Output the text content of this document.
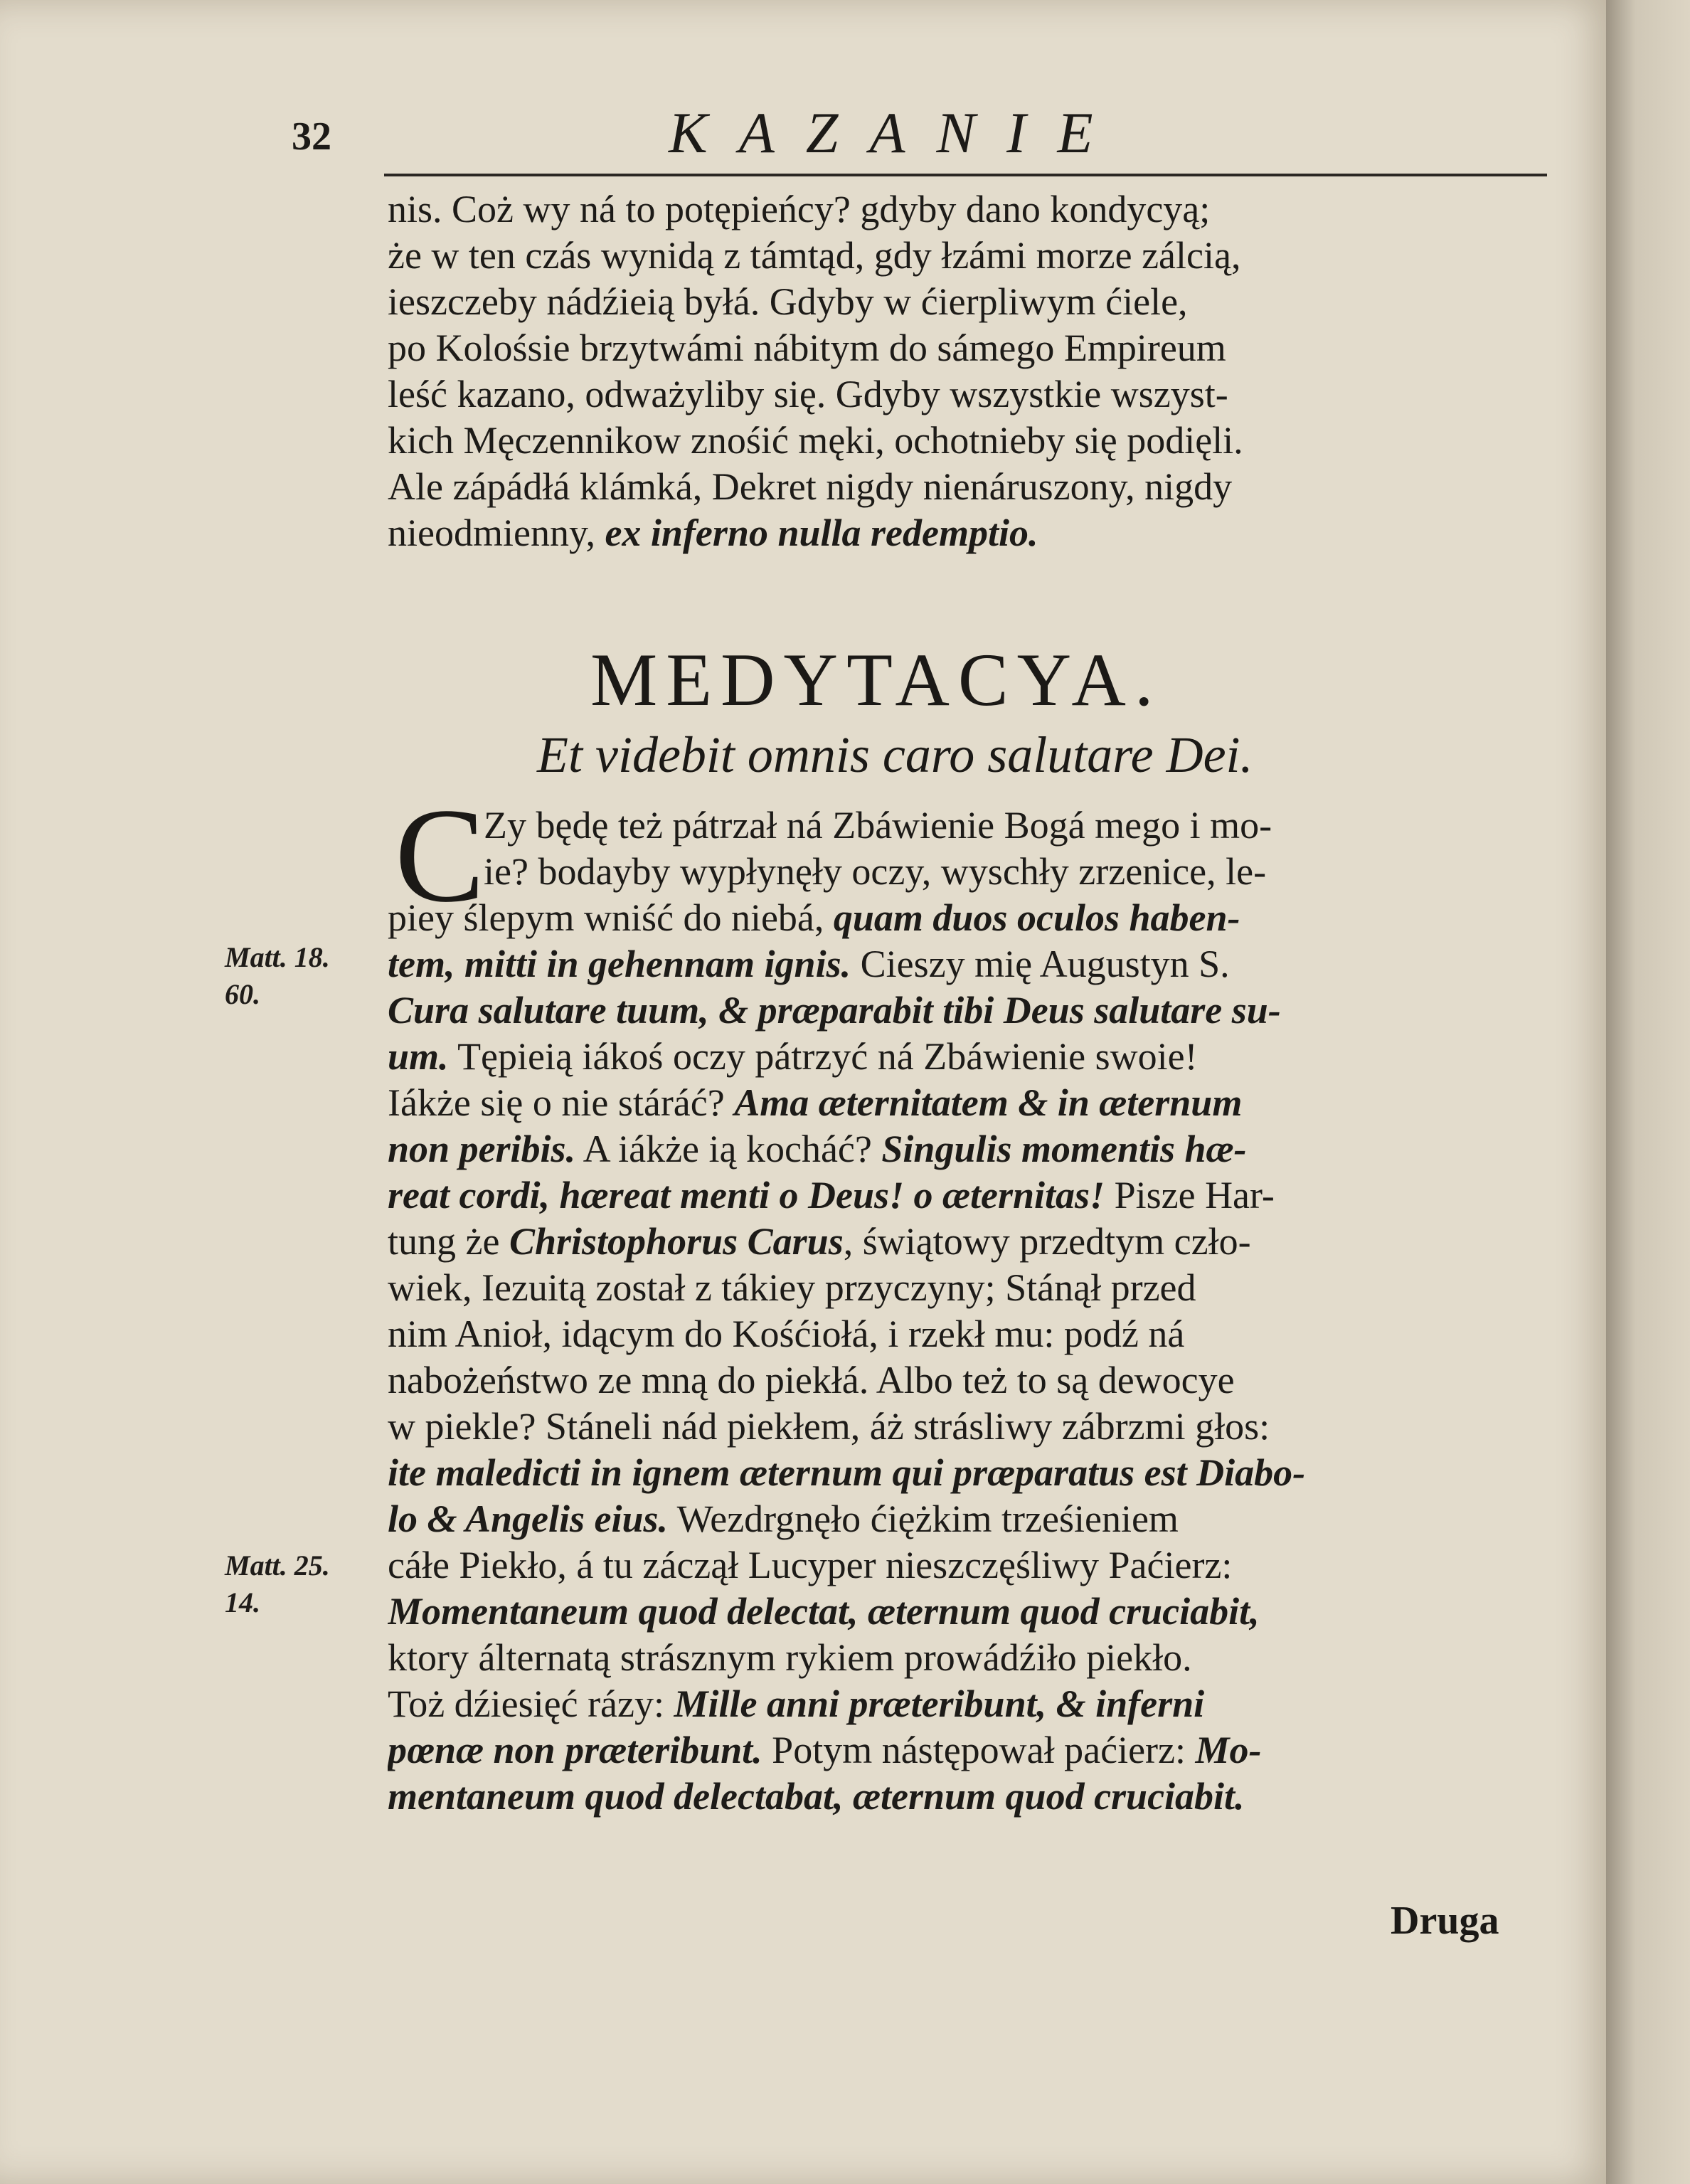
32	KAZANIE
nis. Coż wy ná to potępieńcy? gdyby dano kondycyą;
że w ten czás wynidą z támtąd, gdy łzámi morze zálcią,
ieszczeby nádźieią byłá. Gdyby w ćierpliwym ćiele,
po Kolośsie brzytwámi nábitym do sámego Empireum
leść kazano, odważyliby się. Gdyby wszystkie wszyst-
kich Męczennikow znośić męki, ochotnieby się podięli.
Ale zápádłá klámká, Dekret nigdy nienáruszony, nigdy
nieodmienny, ex inferno nulla redemptio.
MEDYTACYA.
Et videbit omnis caro salutare Dei.
C
Zy będę też pátrzał ná Zbáwienie Bogá mego i mo-
ie? bodayby wypłynęły oczy, wyschły zrzenice, le-
piey ślepym wniść do niebá, quam duos oculos haben-
tem, mitti in gehennam ignis. Cieszy mię Augustyn S.
Cura salutare tuum, & præparabit tibi Deus salutare su-
um. Tępieią iákoś oczy pátrzyć ná Zbáwienie swoie!
Iákże się o nie stáráć? Ama æternitatem & in æternum
non peribis. A iákże ią kocháć? Singulis momentis hæ-
reat cordi, hæreat menti o Deus! o æternitas! Pisze Har-
tung że Christophorus Carus, świątowy przedtym czło-
wiek, Iezuitą został z tákiey przyczyny; Stánął przed
nim Anioł, idącym do Kośćiołá, i rzekł mu: podź ná
nabożeństwo ze mną do piekłá. Albo też to są dewocye
w piekle? Stáneli nád piekłem, áż strásliwy zábrzmi głos:
ite maledicti in ignem æternum qui præparatus est Diabo-
lo & Angelis eius. Wezdrgnęło ćiężkim trześieniem
cáłe Piekło, á tu záczął Lucyper nieszczęśliwy Paćierz:
Momentaneum quod delectat, æternum quod cruciabit,
ktory álternatą strásznym rykiem prowádźiło piekło.
Toż dźiesięć rázy: Mille anni præteribunt, & inferni
pœnæ non præteribunt. Potym nástępował paćierz: Mo-
mentaneum quod delectabat, æternum quod cruciabit.
Matt. 18.
60.
Matt. 25.
14.
Druga
